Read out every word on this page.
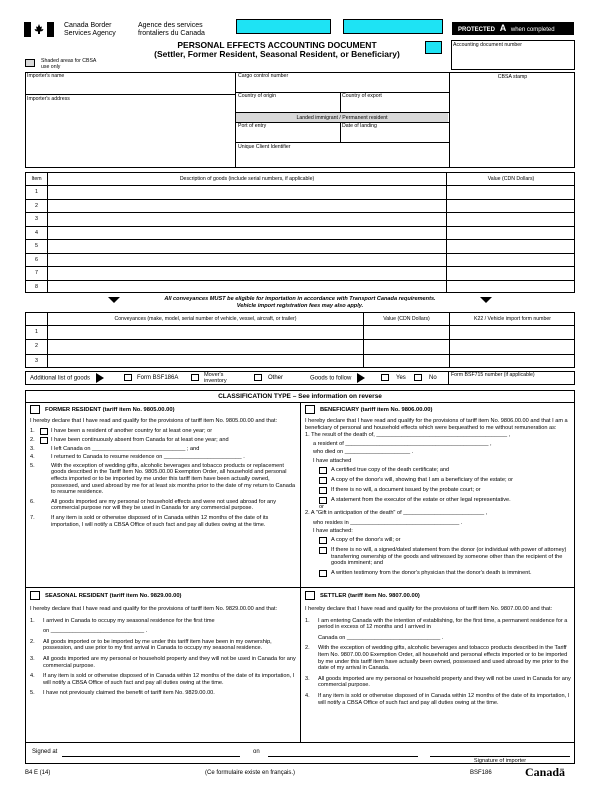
Canada Border
Services Agency
Agence des services
frontaliers du Canada	PROTECTED A when completed
PERSONAL EFFECTS ACCOUNTING DOCUMENT
(Settler, Former Resident, Seasonal Resident, or Beneficiary)
Accounting document number
Shaded areas for CBSA use only
Importer's name
Importer's address
Cargo control number
Country of origin	Country of export
Landed immigrant / Permanent resident
Port of entry	Date of landing
Unique Client Identifier
CBSA stamp
Item	Description of goods (include serial numbers, if applicable)	Value (CDN Dollars)
1
2
3
4
5
6
7
8
All conveyances MUST be eligible for importation in accordance with Transport Canada requirements.
Vehicle import registration fees may also apply.
Conveyances (make, model, serial number of vehicle, vessel, aircraft, or trailer)	Value (CDN Dollars)	K22 / Vehicle import form number
1
2
3
Additional list of goods	Form BSF186A	Mover's inventory	Other	Goods to follow	Yes	No	Form BSF715 number (if applicable)
CLASSIFICATION TYPE – See information on reverse
FORMER RESIDENT (tariff item No. 9805.00.00)
I hereby declare that I have read and qualify for the provisions of tariff item No. 9805.00.00 and that:
1.	I have been a resident of another country for at least one year; or
2.	I have been continuously absent from Canada for at least one year; and
3.	I left Canada on ______________________________ ; and
4.	I returned to Canada to resume residence on _________________________ .
5.	With the exception of wedding gifts, alcoholic beverages and tobacco products or replacement goods described in the Tariff Item No. 9805.00.00 Exemption Order, all household and personal effects imported or to be imported by me under this tariff item have been actually owned, possessed, and used abroad by me for at least six months prior to the date of my return to Canada to resume residence.
6.	All goods imported are my personal or household effects and were not used abroad for any commercial purpose nor will they be used in Canada for any commercial purpose.
7.	If any item is sold or otherwise disposed of in Canada within 12 months of the date of its importation, I will notify a CBSA Office of such fact and pay all duties owing at the time.
BENEFICIARY (tariff item No. 9806.00.00)
I hereby declare that I have read and qualify for the provisions of tariff item No. 9806.00.00 and that I am a beneficiary of personal and household effects which were bequeathed to me without remuneration as:
1. The result of the death of, __________________________________________ ,
a resident of ______________________________________________ ,
who died on _____________________ .
I have attached
A certified true copy of the death certificate; and
A copy of the donor's will, showing that I am a beneficiary of the estate; or
If there is no will, a document issued by the probate court; or
A statement from the executor of the estate or other legal representative.
or
2. A "Gift in anticipation of the death" of __________________________ ,
who resides in ___________________________________ .
I have attached:
A copy of the donor's will; or
If there is no will, a signed/dated statement from the donor (or individual with power of attorney) transferring ownership of the goods and witnessed by someone other than the recipient of the goods imminent; and
A written testimony from the donor's physician that the donor's death is imminent.
SEASONAL RESIDENT (tariff item No. 9829.00.00)
I hereby declare that I have read and qualify for the provisions of tariff item No. 9829.00.00 and that:
1.	I arrived in Canada to occupy my seasonal residence for the first time
on ______________________________ .
2.	All goods imported or to be imported by me under this tariff item have been in my ownership, possession, and use prior to my first arrival in Canada to occupy my seasonal residence.
3.	All goods imported are my personal or household property and they will not be used in Canada for any commercial purpose.
4.	If any item is sold or otherwise disposed of in Canada within 12 months of the date of its importation, I will notify a CBSA Office of such fact and pay all duties owing at the time.
5.	I have not previously claimed the benefit of tariff item No. 9829.00.00.
SETTLER (tariff item No. 9807.00.00)
I hereby declare that I have read and qualify for the provisions of tariff item No. 9807.00.00 and that:
1.	I am entering Canada with the intention of establishing, for the first time, a permanent residence for a period in excess of 12 months and I arrived in
Canada on ______________________________ .
2.	With the exception of wedding gifts, alcoholic beverages and tobacco products described in the Tariff Item No. 9807.00.00 Exemption Order, all household and personal effects imported or to be imported by me under this tariff item have actually been owned, possessed and used abroad by me prior to the date of my arrival in Canada.
3.	All goods imported are my personal or household property and they will not be used in Canada for any commercial purpose.
4.	If any item is sold or otherwise disposed of in Canada within 12 months of the date of its importation, I will notify a CBSA Office of such fact and pay all duties owing at the time.
Signed at	on
Signature of importer
B4 E (14)	(Ce formulaire existe en français.)	BSF186	Canadä
